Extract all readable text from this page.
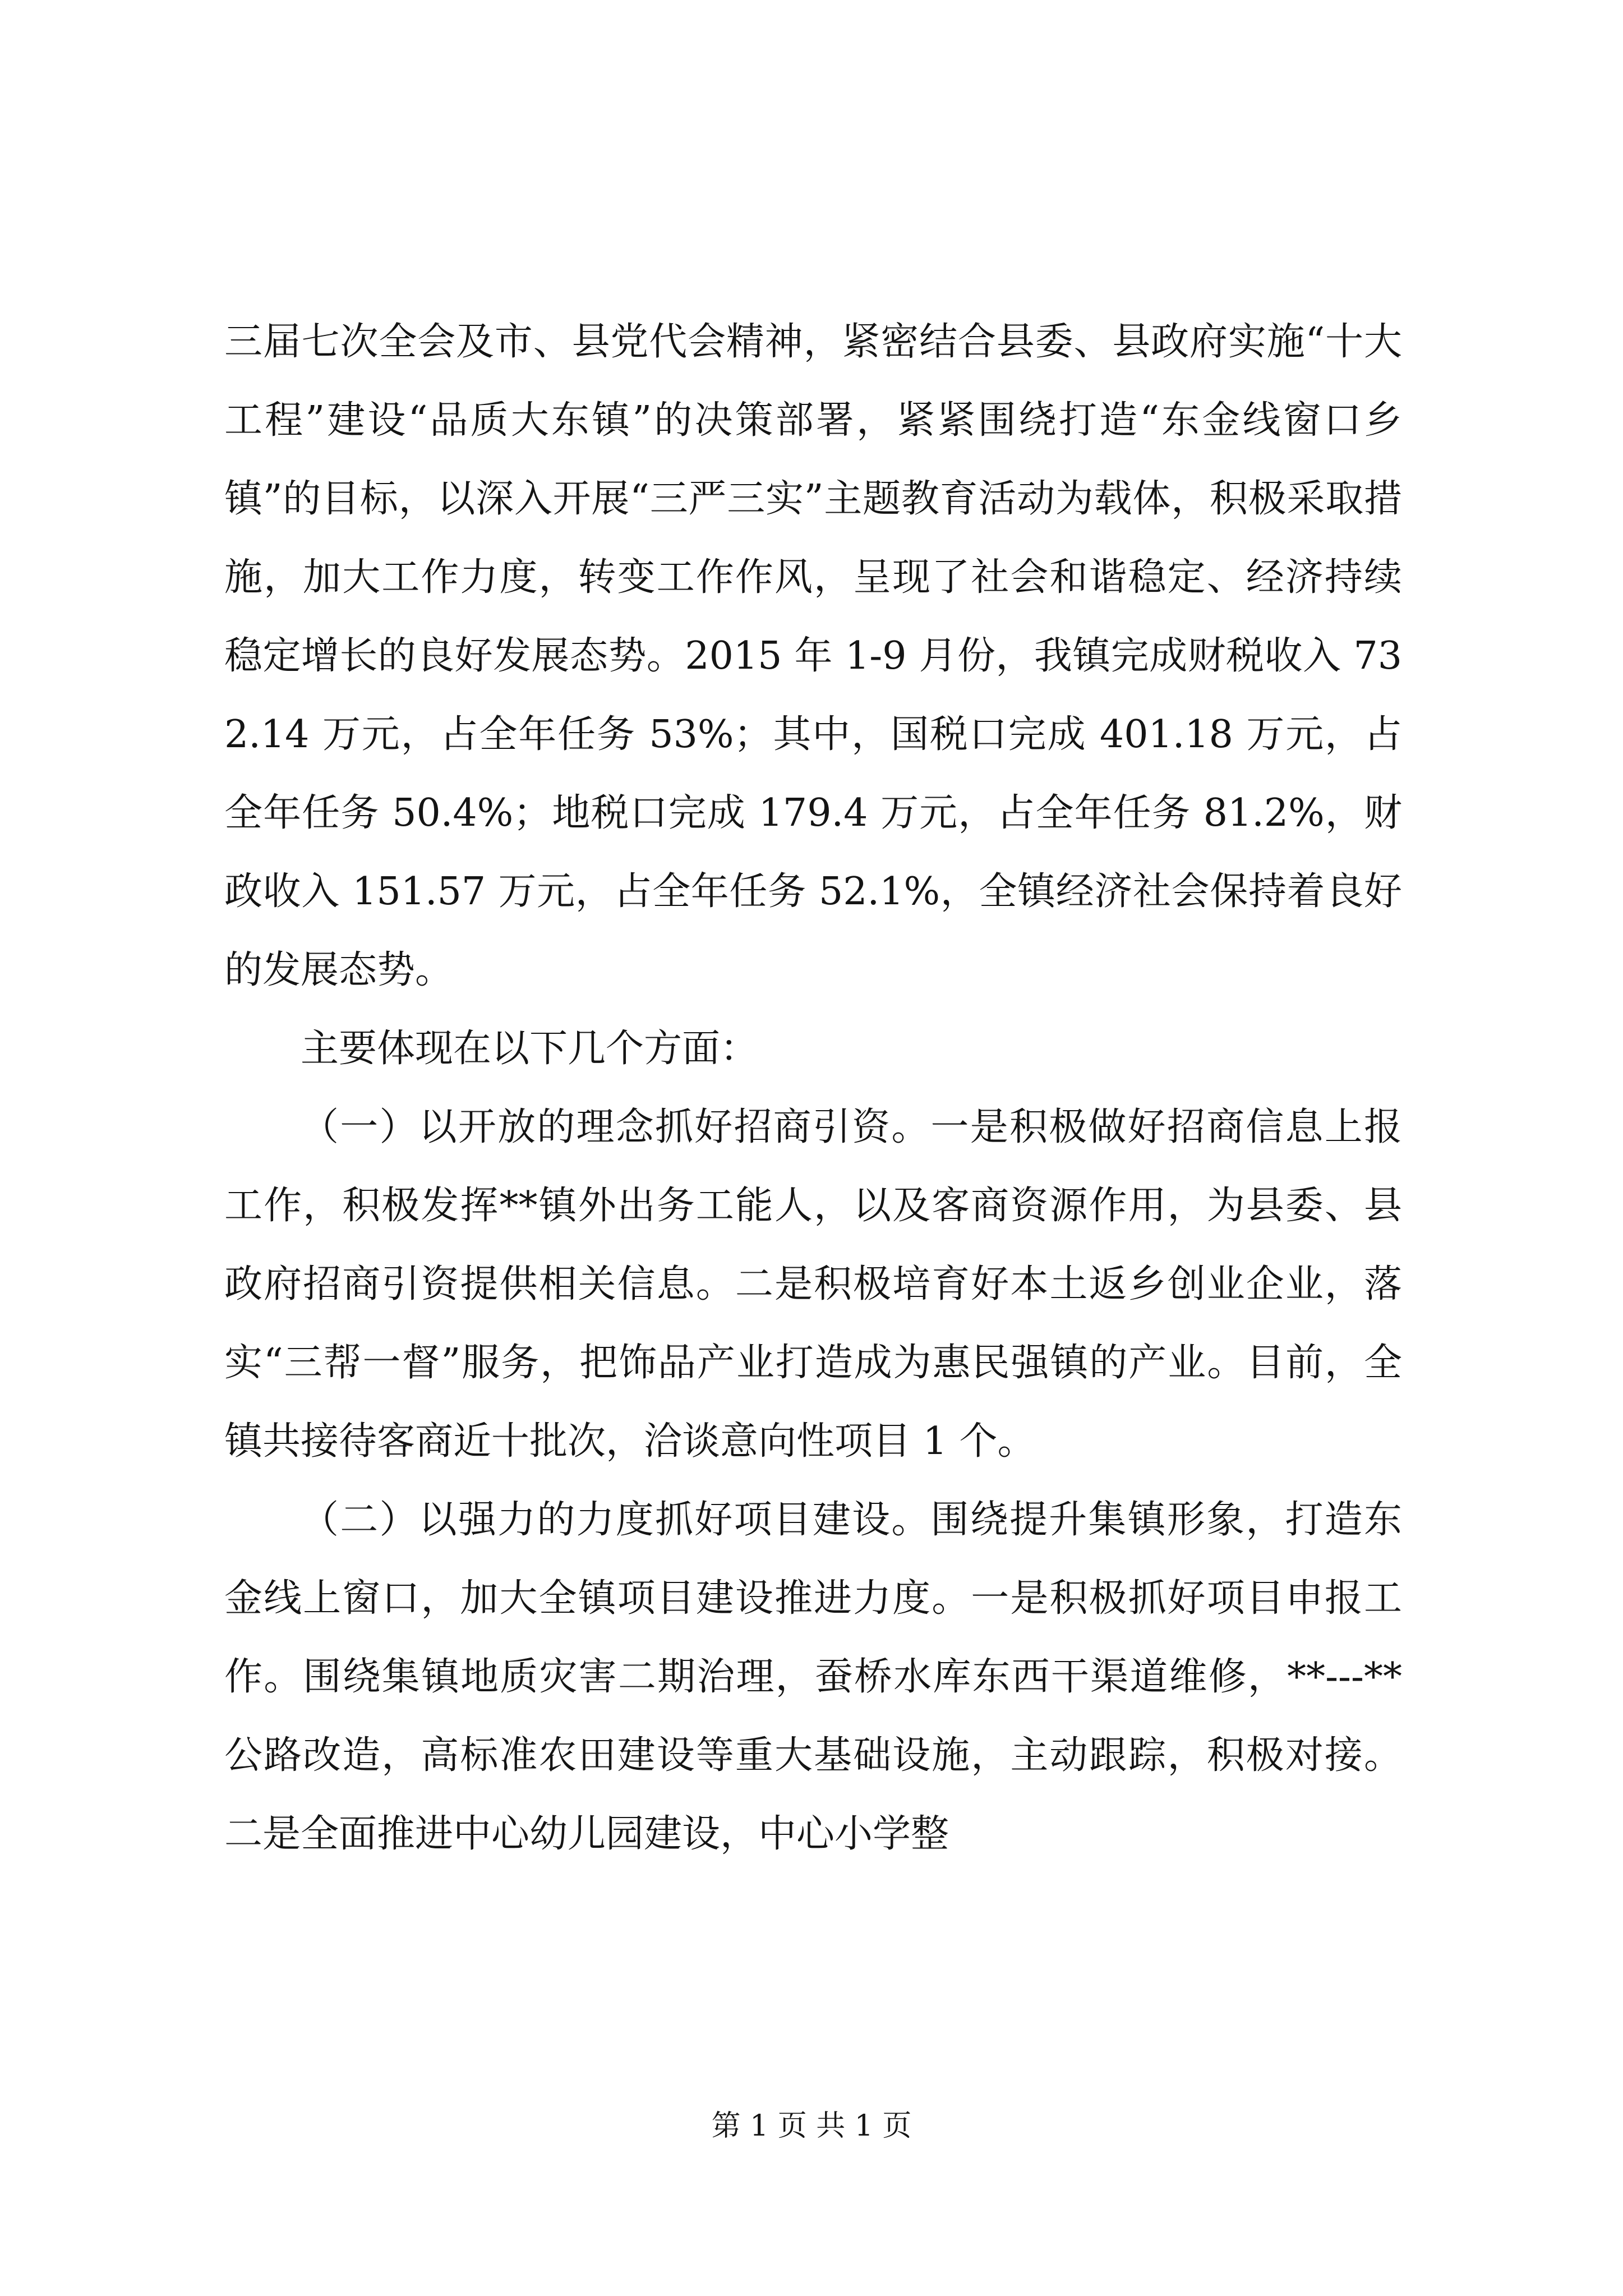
三届七次全会及市、县党代会精神，紧密结合县委、县政府实施“十大工程”建设“品质大东镇”的决策部署，紧紧围绕打造“东金线窗口乡镇”的目标，以深入开展“三严三实”主题教育活动为载体，积极采取措施，加大工作力度，转变工作作风，呈现了社会和谐稳定、经济持续稳定增长的良好发展态势。2015 年 1-9 月份，我镇完成财税收入 732.14 万元，占全年任务 53%；其中，国税口完成 401.18 万元，占全年任务 50.4%；地税口完成 179.4 万元，占全年任务 81.2%，财政收入 151.57 万元，占全年任务 52.1%，全镇经济社会保持着良好的发展态势。

主要体现在以下几个方面：

（一）以开放的理念抓好招商引资。一是积极做好招商信息上报工作，积极发挥**镇外出务工能人，以及客商资源作用，为县委、县政府招商引资提供相关信息。二是积极培育好本土返乡创业企业，落实“三帮一督”服务，把饰品产业打造成为惠民强镇的产业。目前，全镇共接待客商近十批次，洽谈意向性项目 1 个。

（二）以强力的力度抓好项目建设。围绕提升集镇形象，打造东金线上窗口，加大全镇项目建设推进力度。一是积极抓好项目申报工作。围绕集镇地质灾害二期治理，蚕桥水库东西干渠道维修，**---**公路改造，高标准农田建设等重大基础设施，主动跟踪，积极对接。二是全面推进中心幼儿园建设，中心小学整

第 1 页 共 1 页
